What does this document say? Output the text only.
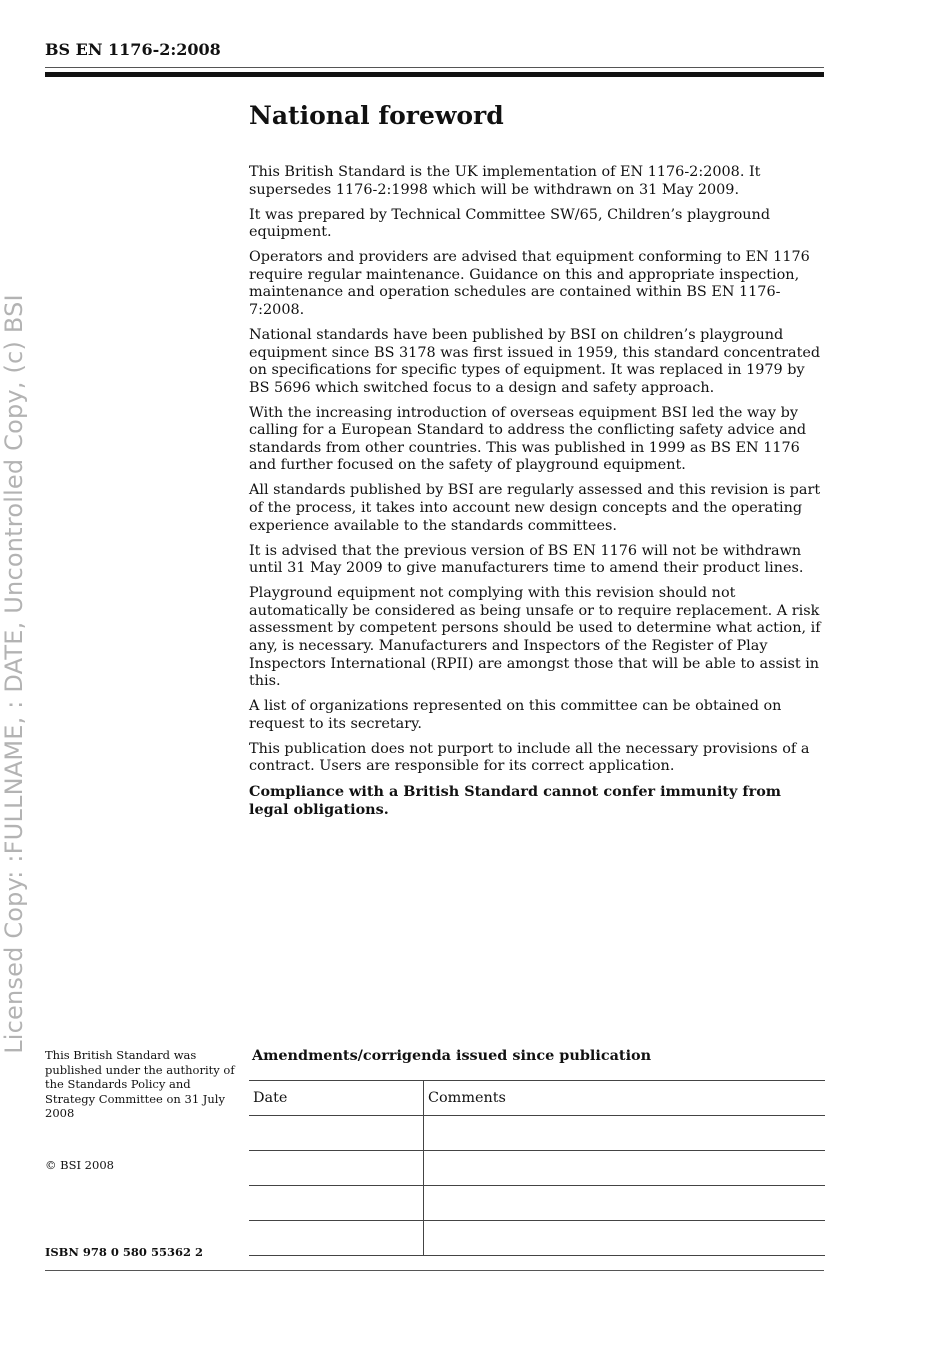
BS EN 1176-2:2008
Licensed Copy: :FULLNAME, : DATE, Uncontrolled Copy, (c) BSI
National foreword

This British Standard is the UK implementation of EN 1176-2:2008. It supersedes 1176-2:1998 which will be withdrawn on 31 May 2009.

It was prepared by Technical Committee SW/65, Children’s playground equipment.

Operators and providers are advised that equipment conforming to EN 1176 require regular maintenance. Guidance on this and appropriate inspection, maintenance and operation schedules are contained within BS EN 1176-7:2008.

National standards have been published by BSI on children’s playground equipment since BS 3178 was first issued in 1959, this standard concentrated on specifications for specific types of equipment. It was replaced in 1979 by BS 5696 which switched focus to a design and safety approach.

With the increasing introduction of overseas equipment BSI led the way by calling for a European Standard to address the conflicting safety advice and standards from other countries. This was published in 1999 as BS EN 1176 and further focused on the safety of playground equipment.

All standards published by BSI are regularly assessed and this revision is part of the process, it takes into account new design concepts and the operating experience available to the standards committees.

It is advised that the previous version of BS EN 1176 will not be withdrawn until 31 May 2009 to give manufacturers time to amend their product lines.

Playground equipment not complying with this revision should not automatically be considered as being unsafe or to require replacement. A risk assessment by competent persons should be used to determine what action, if any, is necessary. Manufacturers and Inspectors of the Register of Play Inspectors International (RPII) are amongst those that will be able to assist in this.

A list of organizations represented on this committee can be obtained on request to its secretary.

This publication does not purport to include all the necessary provisions of a contract. Users are responsible for its correct application.

Compliance with a British Standard cannot confer immunity from legal obligations.

This British Standard was published under the authority of the Standards Policy and Strategy Committee on 31 July 2008
© BSI 2008
ISBN 978 0 580 55362 2
Amendments/corrigenda issued since publication
Date	Comments
